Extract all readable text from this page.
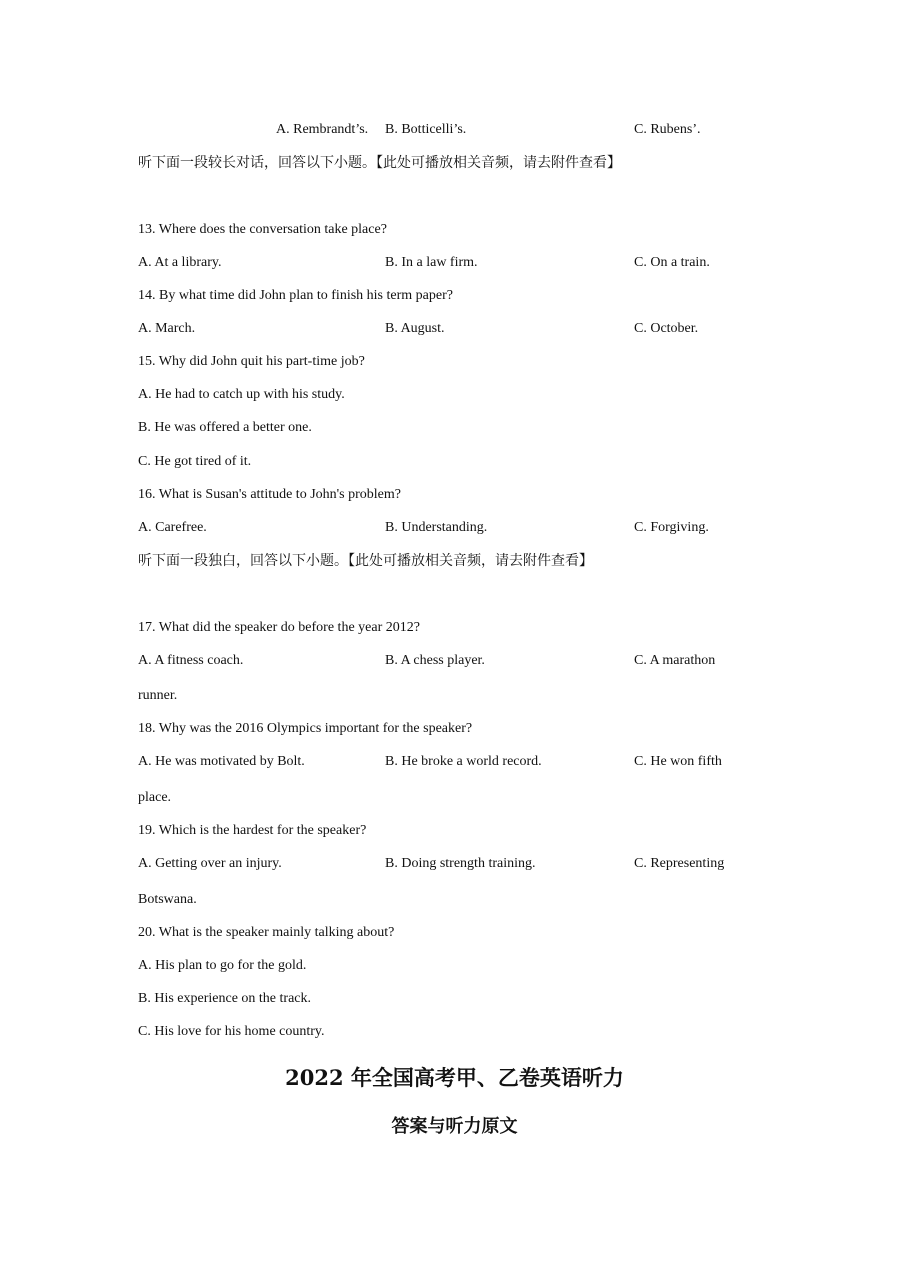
A. Rembrandt’s. B. Botticelli’s.	C. Rubens’.
听下面一段较长对话，回答以下小题。【此处可播放相关音频，请去附件查看】
13. Where does the conversation take place?
A. At a library.	B. In a law firm.	C. On a train.
14. By what time did John plan to finish his term paper?
A. March.	B. August.	C. October.
15. Why did John quit his part-time job?
A. He had to catch up with his study.
B. He was offered a better one.
C. He got tired of it.
16. What is Susan's attitude to John's problem?
A. Carefree.	B. Understanding.	C. Forgiving.
听下面一段独白，回答以下小题。【此处可播放相关音频，请去附件查看】
17. What did the speaker do before the year 2012?
A. A fitness coach.	B. A chess player.	C. A marathon
runner.
18. Why was the 2016 Olympics important for the speaker?
A. He was motivated by Bolt.	B. He broke a world record.	C. He won fifth
place.
19. Which is the hardest for the speaker?
A. Getting over an injury.	B. Doing strength training.	C. Representing
Botswana.
20. What is the speaker mainly talking about?
A. His plan to go for the gold.
B. His experience on the track.
C. His love for his home country.
2022 年全国高考甲、乙卷英语听力
答案与听力原文
